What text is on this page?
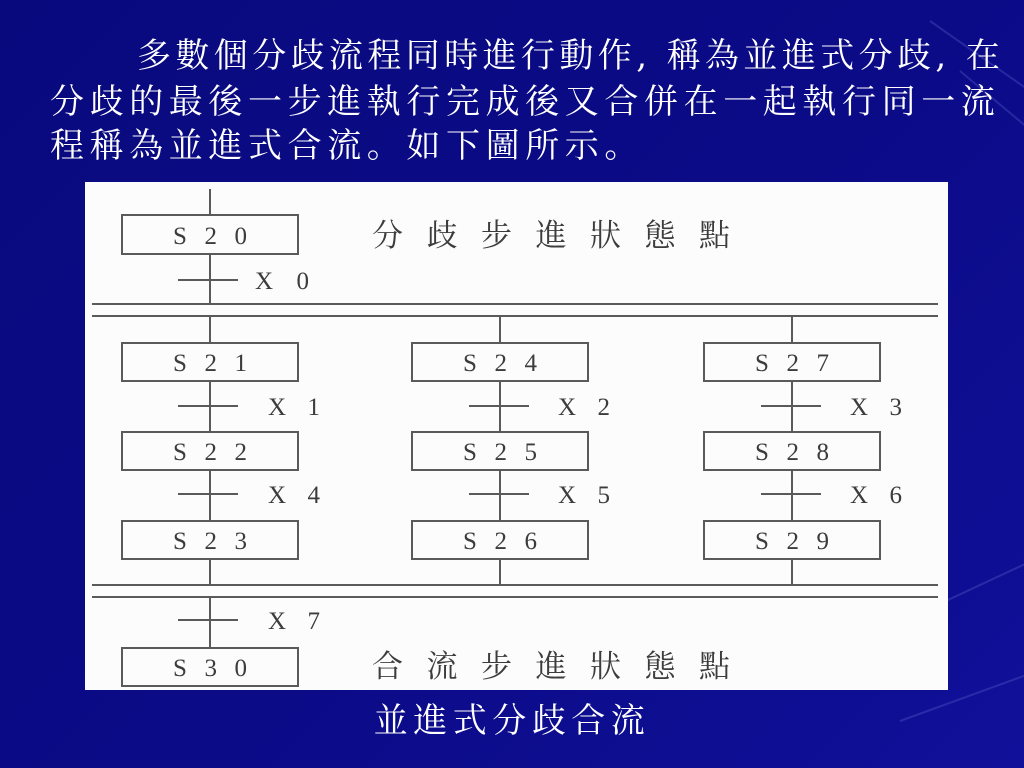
多數個分歧流程同時進行動作, 稱為並進式分歧, 在
分歧的最後一步進執行完成後又合併在一起執行同一流
程稱為並進式合流。如下圖所示。
S20	分歧步進狀態點
X0
S21
X1
S22
X4
S23
S24
X2
S25
X5
S26
S27
X3
S28
X6
S29
X7
S30	合流步進狀態點
並進式分歧合流
